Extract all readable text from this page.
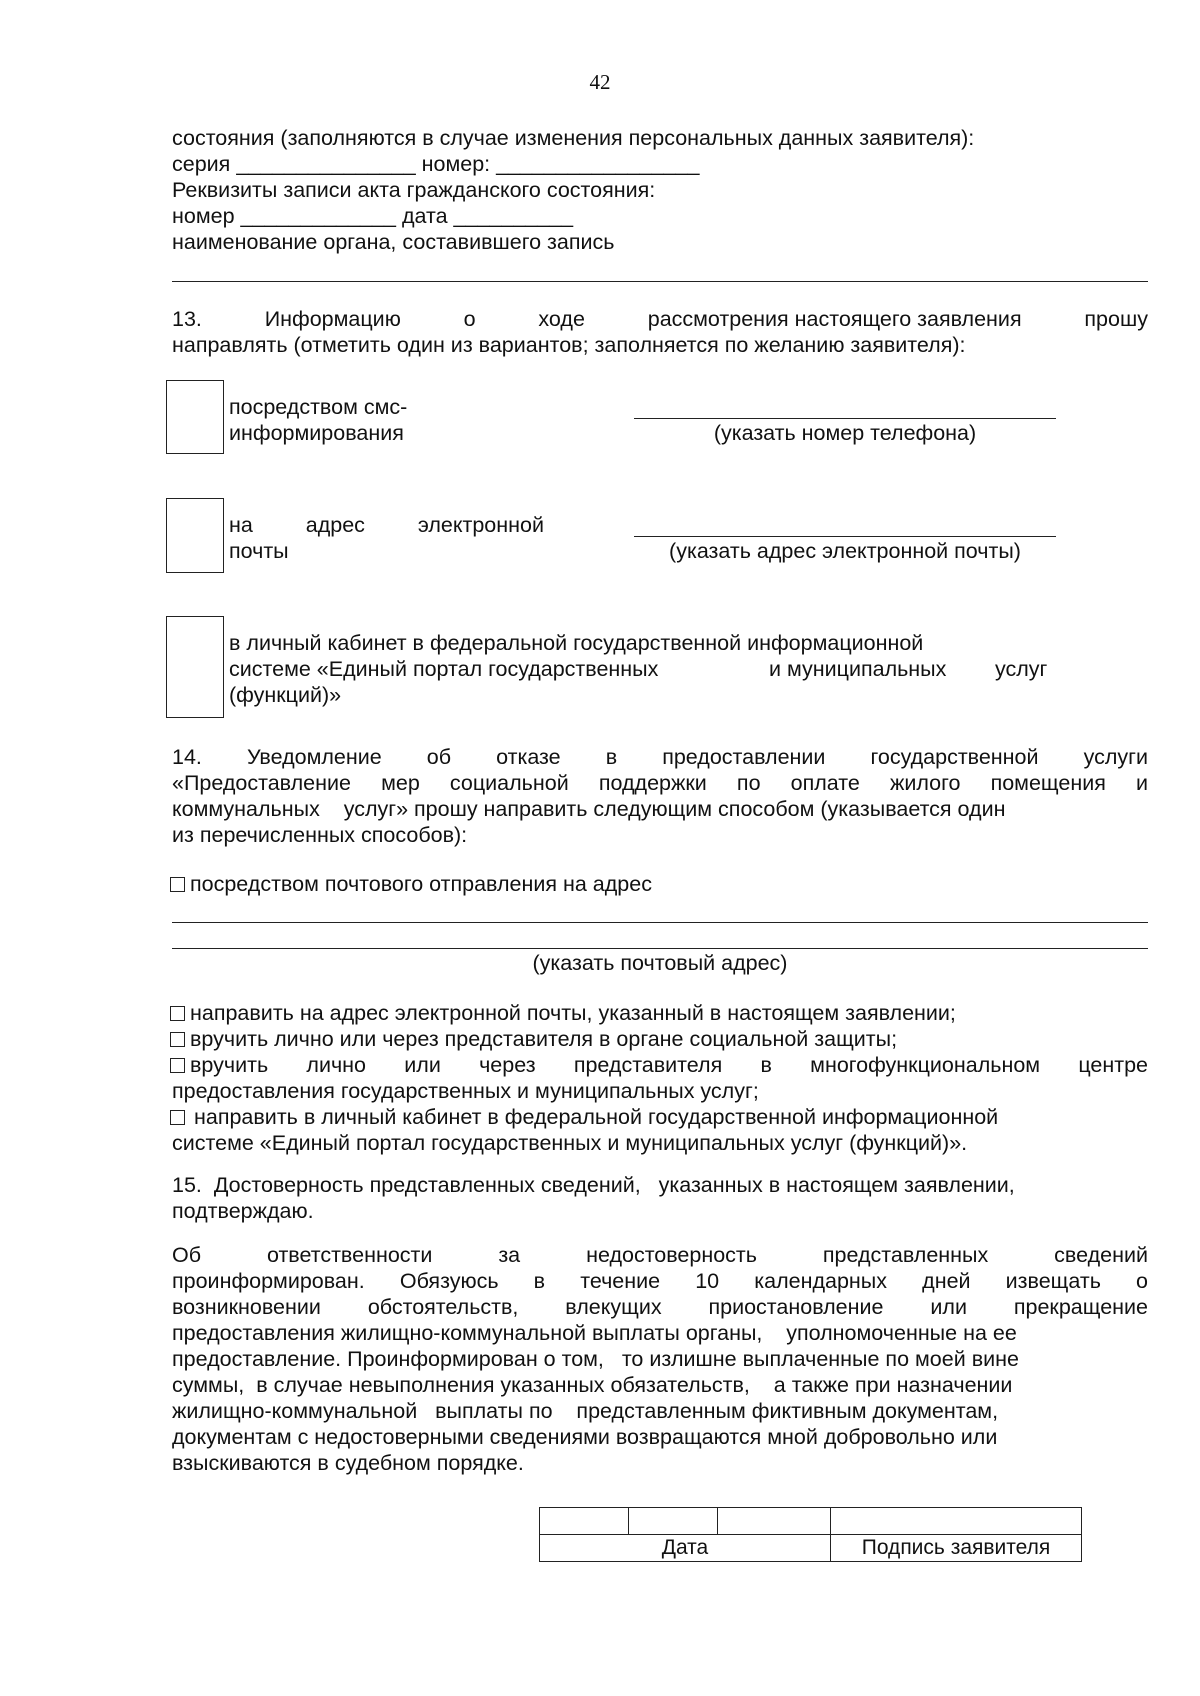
42
состояния (заполняются в случае изменения персональных данных заявителя):
серия _______________ номер: _________________
Реквизиты записи акта гражданского состояния:
номер _____________ дата __________
наименование органа, составившего запись
13.	Информацию	о	ходе	рассмотрения настоящего заявления	прошу
направлять (отметить один из вариантов; заполняется по желанию заявителя):
посредством смс-
информирования	(указать номер телефона)
на адрес электронной
почты	(указать адрес электронной почты)
в личный кабинет в федеральной государственной информационной
системе «Единый портал государственных	и муниципальных услуг
(функций)»
14. Уведомление об отказе в предоставлении государственной услуги
«Предоставление мер социальной поддержки по оплате жилого помещения и
коммунальных    услуг» прошу направить следующим способом (указывается один
из перечисленных способов):
посредством почтового отправления на адрес
(указать почтовый адрес)
направить на адрес электронной почты, указанный в настоящем заявлении;
вручить лично или через представителя в органе социальной защиты;
вручить  лично  или  через  представителя  в  многофункциональном  центре
предоставления государственных и муниципальных услуг;
направить в личный кабинет в федеральной государственной информационной
системе «Единый портал государственных и муниципальных услуг (функций)».
15.  Достоверность представленных сведений,   указанных в настоящем заявлении,
подтверждаю.
Об  ответственности  за  недостоверность  представленных  сведений
проинформирован.  Обязуюсь  в  течение  10  календарных  дней  извещать  о
возникновении  обстоятельств,  влекущих  приостановление  или  прекращение
предоставления жилищно-коммунальной выплаты органы,    уполномоченные на ее
предоставление. Проинформирован о том,   то излишне выплаченные по моей вине
суммы,  в случае невыполнения указанных обязательств,    а также при назначении
жилищно-коммунальной   выплаты по    представленным фиктивным документам,
документам с недостоверными сведениями возвращаются мной добровольно или
взыскиваются в судебном порядке.

Дата			Подпись заявителя
